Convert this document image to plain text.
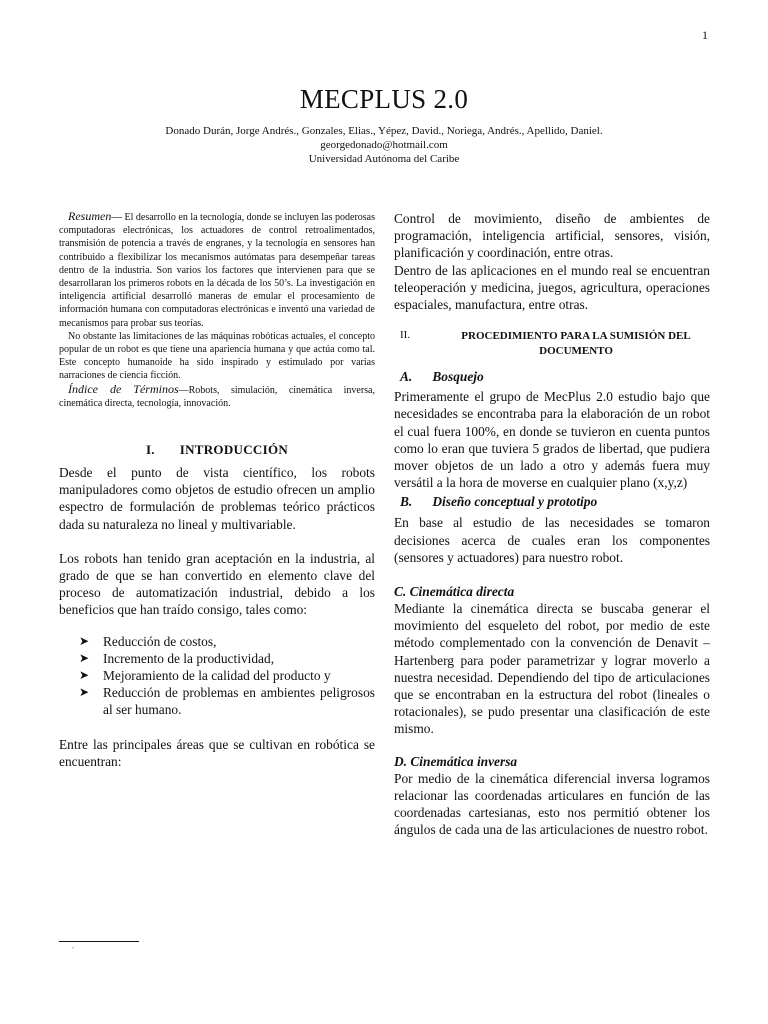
1
MECPLUS 2.0
Donado Durán, Jorge Andrés., Gonzales, Elias., Yépez, David., Noriega, Andrés., Apellido, Daniel.
georgedonado@hotmail.com
Universidad Autónoma del Caribe

Resumen— El desarrollo en la tecnología, donde se incluyen las poderosas computadoras electrónicas, los actuadores de control retroalimentados, transmisión de potencia a través de engranes, y la tecnología en sensores han contribuido a flexibilizar los mecanismos autómatas para desempeñar tareas dentro de la industria. Son varios los factores que intervienen para que se desarrollaran los primeros robots en la década de los 50’s. La investigación en inteligencia artificial desarrolló maneras de emular el procesamiento de información humana con computadoras electrónicas e inventó una variedad de mecanismos para probar sus teorías.

No obstante las limitaciones de las máquinas robóticas actuales, el concepto popular de un robot es que tiene una apariencia humana y que actúa como tal. Este concepto humanoide ha sido inspirado y estimulado por varias narraciones de ciencia ficción.

Índice de Términos—Robots, simulación, cinemática inversa, cinemática directa, tecnología, innovación.

I. INTRODUCCIÓN

Desde el punto de vista científico, los robots manipuladores como objetos de estudio ofrecen un amplio espectro de formulación de problemas teórico prácticos dada su naturaleza no lineal y multivariable.

Los robots han tenido gran aceptación en la industria, al grado de que se han convertido en elemento clave del proceso de automatización industrial, debido a los beneficios que han traído consigo, tales como:

➤ Reducción de costos,
➤ Incremento de la productividad,
➤ Mejoramiento de la calidad del producto y
➤ Reducción de problemas en ambientes peligrosos al ser humano.

Entre las principales áreas que se cultivan en robótica se encuentran:

•

Control de movimiento, diseño de ambientes de programación, inteligencia artificial, sensores, visión, planificación y coordinación, entre otras.

Dentro de las aplicaciones en el mundo real se encuentran teleoperación y medicina, juegos, agricultura, operaciones espaciales, manufactura, entre otras.

II.	PROCEDIMIENTO PARA LA SUMISIÓN DEL
DOCUMENTO

A. Bosquejo

Primeramente el grupo de MecPlus 2.0 estudio bajo que necesidades se encontraba para la elaboración de un robot el cual fuera 100%, en donde se tuvieron en cuenta puntos como lo eran que tuviera 5 grados de libertad, que pudiera mover objetos de un lado a otro y además fuera muy versátil a la hora de moverse en cualquier plano (x,y,z)

B. Diseño conceptual y prototipo

En base al estudio de las necesidades se tomaron decisiones acerca de cuales eran los componentes (sensores y actuadores) para nuestro robot.

C. Cinemática directa

Mediante la cinemática directa se buscaba generar el movimiento del esqueleto del robot, por medio de este método complementado con la convención de Denavit – Hartenberg para poder parametrizar y lograr moverlo a nuestra necesidad. Dependiendo del tipo de articulaciones que se encontraban en la estructura del robot (lineales o rotacionales), se pudo presentar una clasificación de este mismo.

D. Cinemática inversa

Por medio de la cinemática diferencial inversa logramos relacionar las coordenadas articulares en función de las coordenadas cartesianas, esto nos permitió obtener los ángulos de cada una de las articulaciones de nuestro robot.
